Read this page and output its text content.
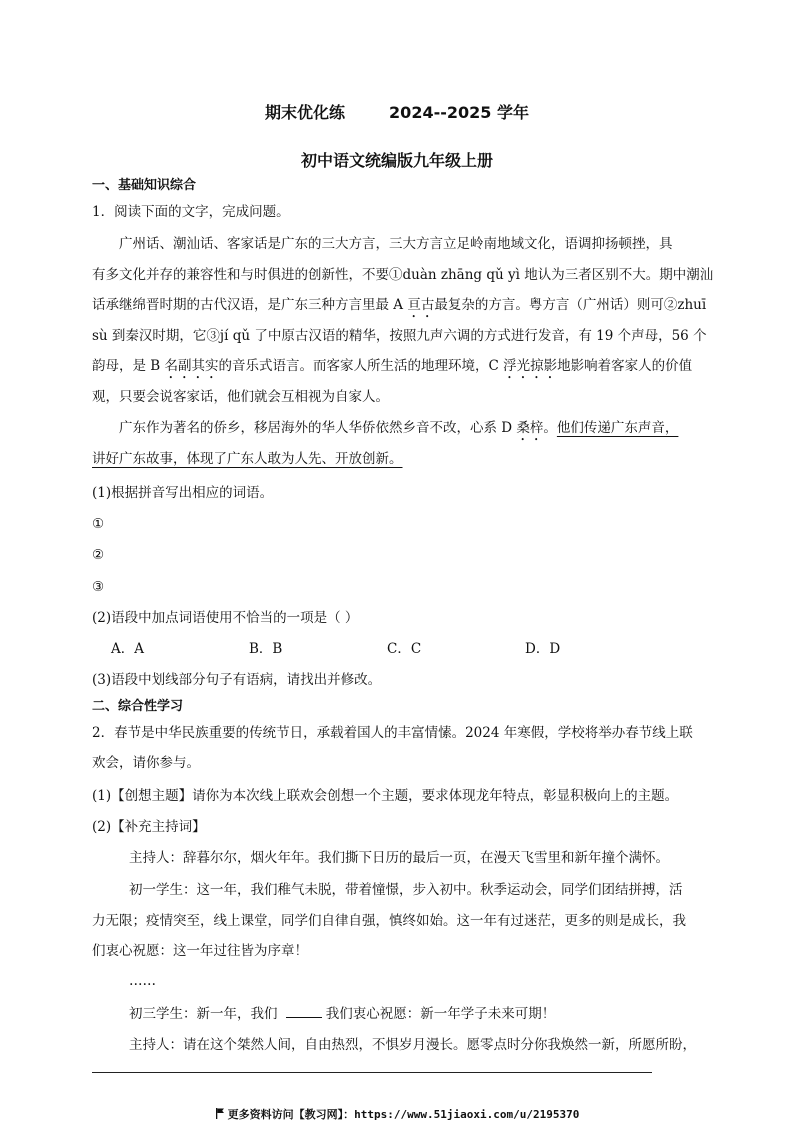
期末优化练	2024--2025 学年
初中语文统编版九年级上册
一、基础知识综合
1．阅读下面的文字，完成问题。
广州话、潮汕话、客家话是广东的三大方言，三大方言立足岭南地域文化，语调抑扬顿挫，具
有多文化并存的兼容性和与时俱进的创新性，不要①duàn zhāng qǔ yì 地认为三者区别不大。期中潮汕
话承继绵晋时期的古代汉语，是广东三种方言里最 A 亘古最复杂的方言。粤方言（广州话）则可②zhuī
sù 到秦汉时期，它③jí qǔ 了中原古汉语的精华，按照九声六调的方式进行发音，有 19 个声母，56 个
韵母，是 B 名副其实的音乐式语言。而客家人所生活的地理环境，C 浮光掠影地影响着客家人的价值
观，只要会说客家话，他们就会互相视为自家人。
广东作为著名的侨乡，移居海外的华人华侨依然乡音不改，心系 D 桑梓。他们传递广东声音，
讲好广东故事，体现了广东人敢为人先、开放创新。
(1)根据拼音写出相应的词语。
①
②
③
(2)语段中加点词语使用不恰当的一项是（ ）
A．A	B．B	C．C	D．D
(3)语段中划线部分句子有语病，请找出并修改。
二、综合性学习
2．春节是中华民族重要的传统节日，承载着国人的丰富情愫。2024 年寒假，学校将举办春节线上联
欢会，请你参与。
(1)【创想主题】请你为本次线上联欢会创想一个主题，要求体现龙年特点，彰显积极向上的主题。
(2)【补充主持词】
主持人：辞暮尔尔，烟火年年。我们撕下日历的最后一页，在漫天飞雪里和新年撞个满怀。
初一学生：这一年，我们稚气未脱，带着憧憬，步入初中。秋季运动会，同学们团结拼搏，活
力无限；疫情突至，线上课堂，同学们自律自强，慎终如始。这一年有过迷茫，更多的则是成长，我
们衷心祝愿：这一年过往皆为序章！
……
初三学生：新一年，我们	我们衷心祝愿：新一年学子未来可期！
主持人：请在这个桀然人间，自由热烈，不惧岁月漫长。愿零点时分你我焕然一新，所愿所盼，
更多资料访问【教习网】：https://www.51jiaoxi.com/u/2195370
